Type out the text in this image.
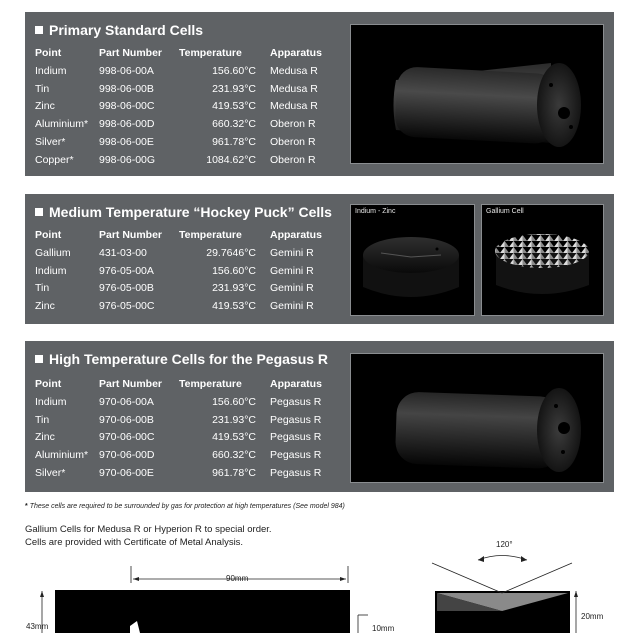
Primary Standard Cells
Point	Part Number	Temperature	Apparatus
Indium	998-06-00A	156.60°C	Medusa R
Tin	998-06-00B	231.93°C	Medusa R
Zinc	998-06-00C	419.53°C	Medusa R
Aluminium*	998-06-00D	660.32°C	Oberon R
Silver*	998-06-00E	961.78°C	Oberon R
Copper*	998-06-00G	1084.62°C	Oberon R
Medium Temperature “Hockey Puck” Cells
Point	Part Number	Temperature	Apparatus
Gallium	431-03-00	29.7646°C	Gemini R
Indium	976-05-00A	156.60°C	Gemini R
Tin	976-05-00B	231.93°C	Gemini R
Zinc	976-05-00C	419.53°C	Gemini R
Indium - Zinc	Gallium Cell
High Temperature Cells for the Pegasus R
Point	Part Number	Temperature	Apparatus
Indium	970-06-00A	156.60°C	Pegasus R
Tin	970-06-00B	231.93°C	Pegasus R
Zinc	970-06-00C	419.53°C	Pegasus R
Aluminium*	970-06-00D	660.32°C	Pegasus R
Silver*	970-06-00E	961.78°C	Pegasus R
* These cells are required to be surrounded by gas for protection at high temperatures (See model 984)
Gallium Cells for Medusa R or Hyperion R to special order.
Cells are provided with Certificate of Metal Analysis.
90mm
43mm	10mm
120°
20mm
